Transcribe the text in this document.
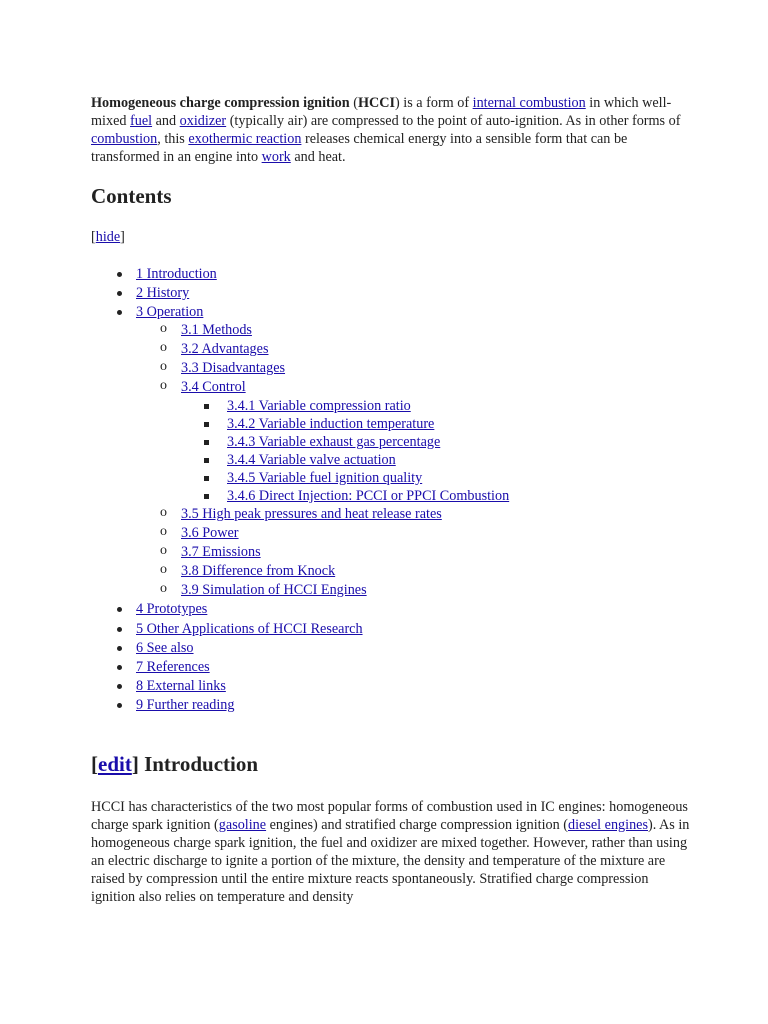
Homogeneous charge compression ignition (HCCI) is a form of internal combustion in which well-mixed fuel and oxidizer (typically air) are compressed to the point of auto-ignition. As in other forms of combustion, this exothermic reaction releases chemical energy into a sensible form that can be transformed in an engine into work and heat.

Contents
[hide]
1 Introduction
2 History
3 Operation
o 3.1 Methods
o 3.2 Advantages
o 3.3 Disadvantages
o 3.4 Control
3.4.1 Variable compression ratio
3.4.2 Variable induction temperature
3.4.3 Variable exhaust gas percentage
3.4.4 Variable valve actuation
3.4.5 Variable fuel ignition quality
3.4.6 Direct Injection: PCCI or PPCI Combustion
o 3.5 High peak pressures and heat release rates
o 3.6 Power
o 3.7 Emissions
o 3.8 Difference from Knock
o 3.9 Simulation of HCCI Engines
4 Prototypes
5 Other Applications of HCCI Research
6 See also
7 References
8 External links
9 Further reading
[edit] Introduction

HCCI has characteristics of the two most popular forms of combustion used in IC engines: homogeneous charge spark ignition (gasoline engines) and stratified charge compression ignition (diesel engines). As in homogeneous charge spark ignition, the fuel and oxidizer are mixed together. However, rather than using an electric discharge to ignite a portion of the mixture, the density and temperature of the mixture are raised by compression until the entire mixture reacts spontaneously. Stratified charge compression ignition also relies on temperature and density
